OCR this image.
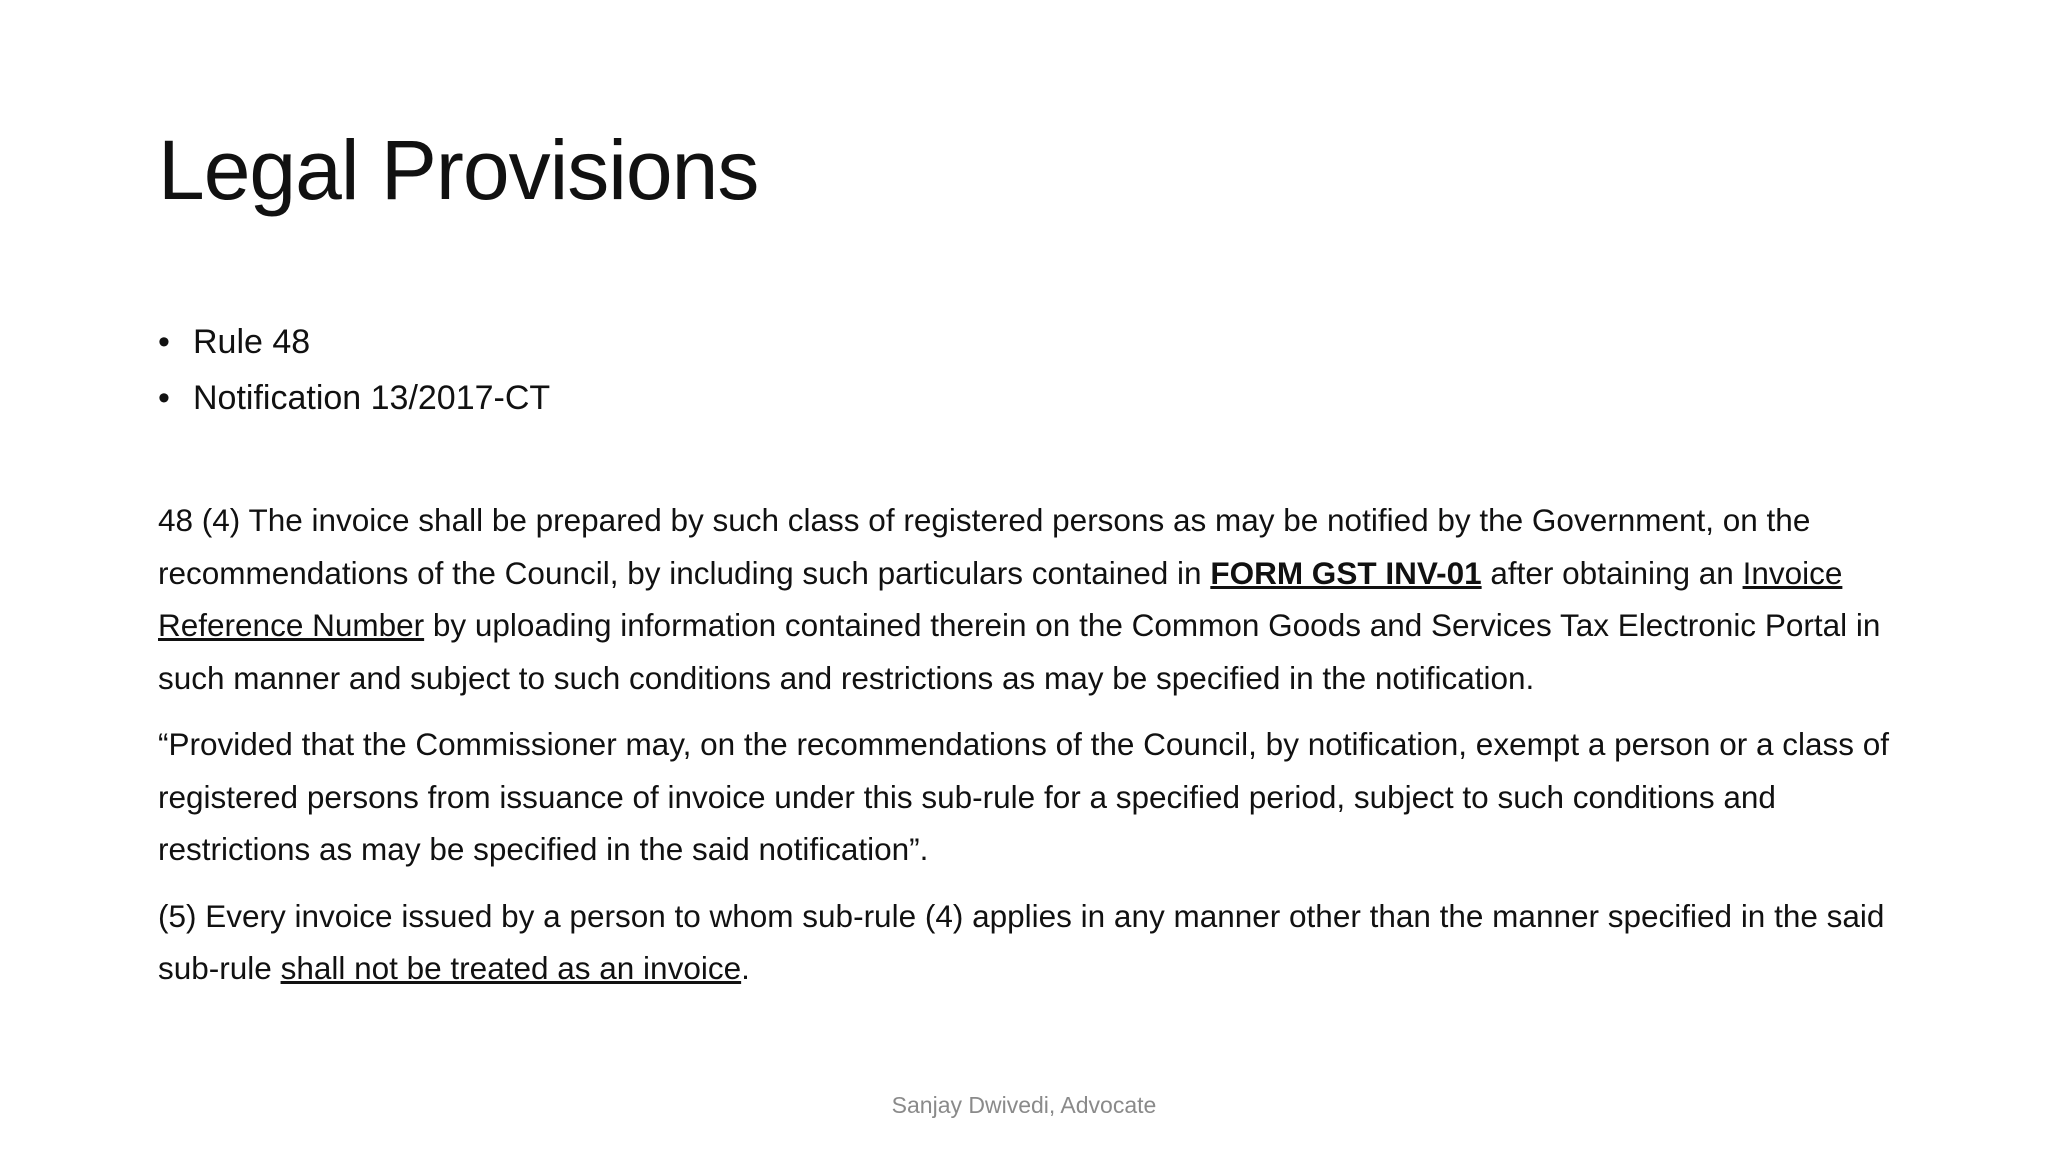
Legal Provisions
• Rule 48
• Notification 13/2017-CT

48 (4) The invoice shall be prepared by such class of registered persons as may be notified by the Government, on the recommendations of the Council, by including such particulars contained in FORM GST INV-01 after obtaining an Invoice Reference Number by uploading information contained therein on the Common Goods and Services Tax Electronic Portal in such manner and subject to such conditions and restrictions as may be specified in the notification.

“Provided that the Commissioner may, on the recommendations of the Council, by notification, exempt a person or a class of registered persons from issuance of invoice under this sub-rule for a specified period, subject to such conditions and restrictions as may be specified in the said notification”.

(5) Every invoice issued by a person to whom sub-rule (4) applies in any manner other than the manner specified in the said sub-rule shall not be treated as an invoice.

Sanjay Dwivedi, Advocate
